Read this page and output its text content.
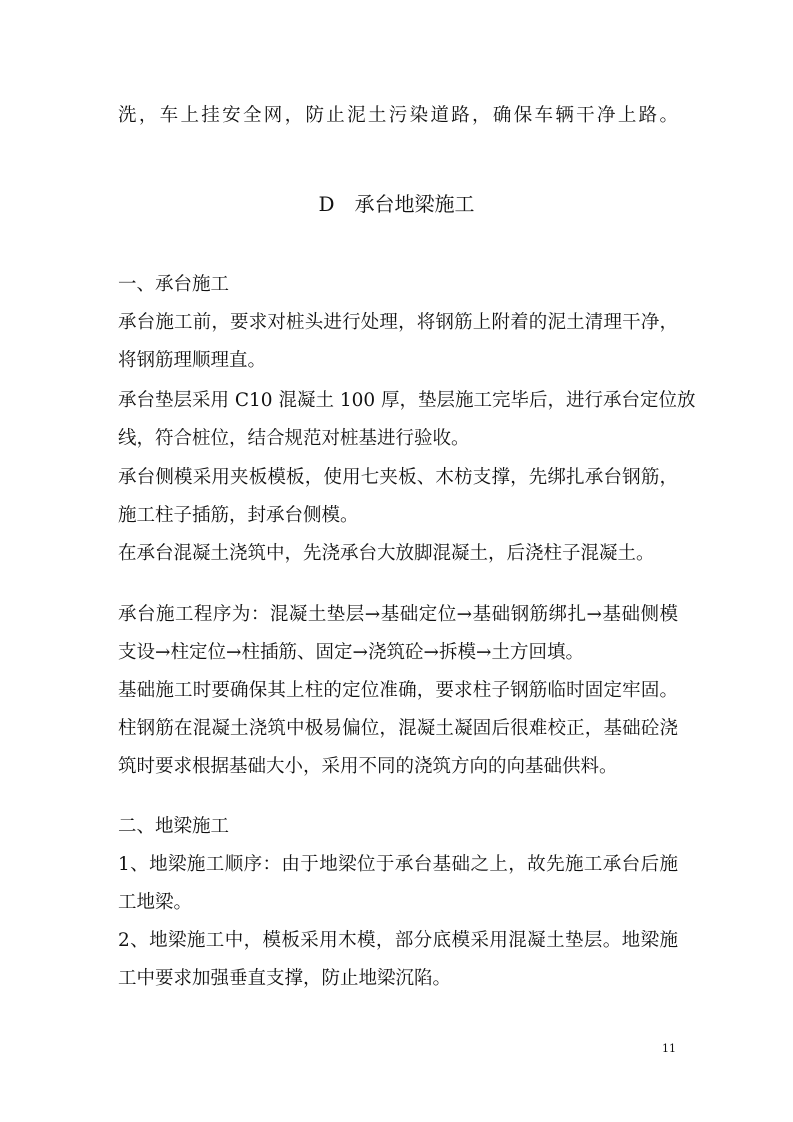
洗，车上挂安全网，防止泥土污染道路，确保车辆干净上路。
D 承台地梁施工
一、承台施工
承台施工前，要求对桩头进行处理，将钢筋上附着的泥土清理干净，
将钢筋理顺理直。
承台垫层采用 C10 混凝土 100 厚，垫层施工完毕后，进行承台定位放
线，符合桩位，结合规范对桩基进行验收。
承台侧模采用夹板模板，使用七夹板、木枋支撑，先绑扎承台钢筋，
施工柱子插筋，封承台侧模。
在承台混凝土浇筑中，先浇承台大放脚混凝土，后浇柱子混凝土。
承台施工程序为：混凝土垫层→基础定位→基础钢筋绑扎→基础侧模
支设→柱定位→柱插筋、固定→浇筑砼→拆模→土方回填。
基础施工时要确保其上柱的定位准确，要求柱子钢筋临时固定牢固。
柱钢筋在混凝土浇筑中极易偏位，混凝土凝固后很难校正，基础砼浇
筑时要求根据基础大小，采用不同的浇筑方向的向基础供料。
二、地梁施工
1、地梁施工顺序：由于地梁位于承台基础之上，故先施工承台后施
工地梁。
2、地梁施工中，模板采用木模，部分底模采用混凝土垫层。地梁施
工中要求加强垂直支撑，防止地梁沉陷。
11
